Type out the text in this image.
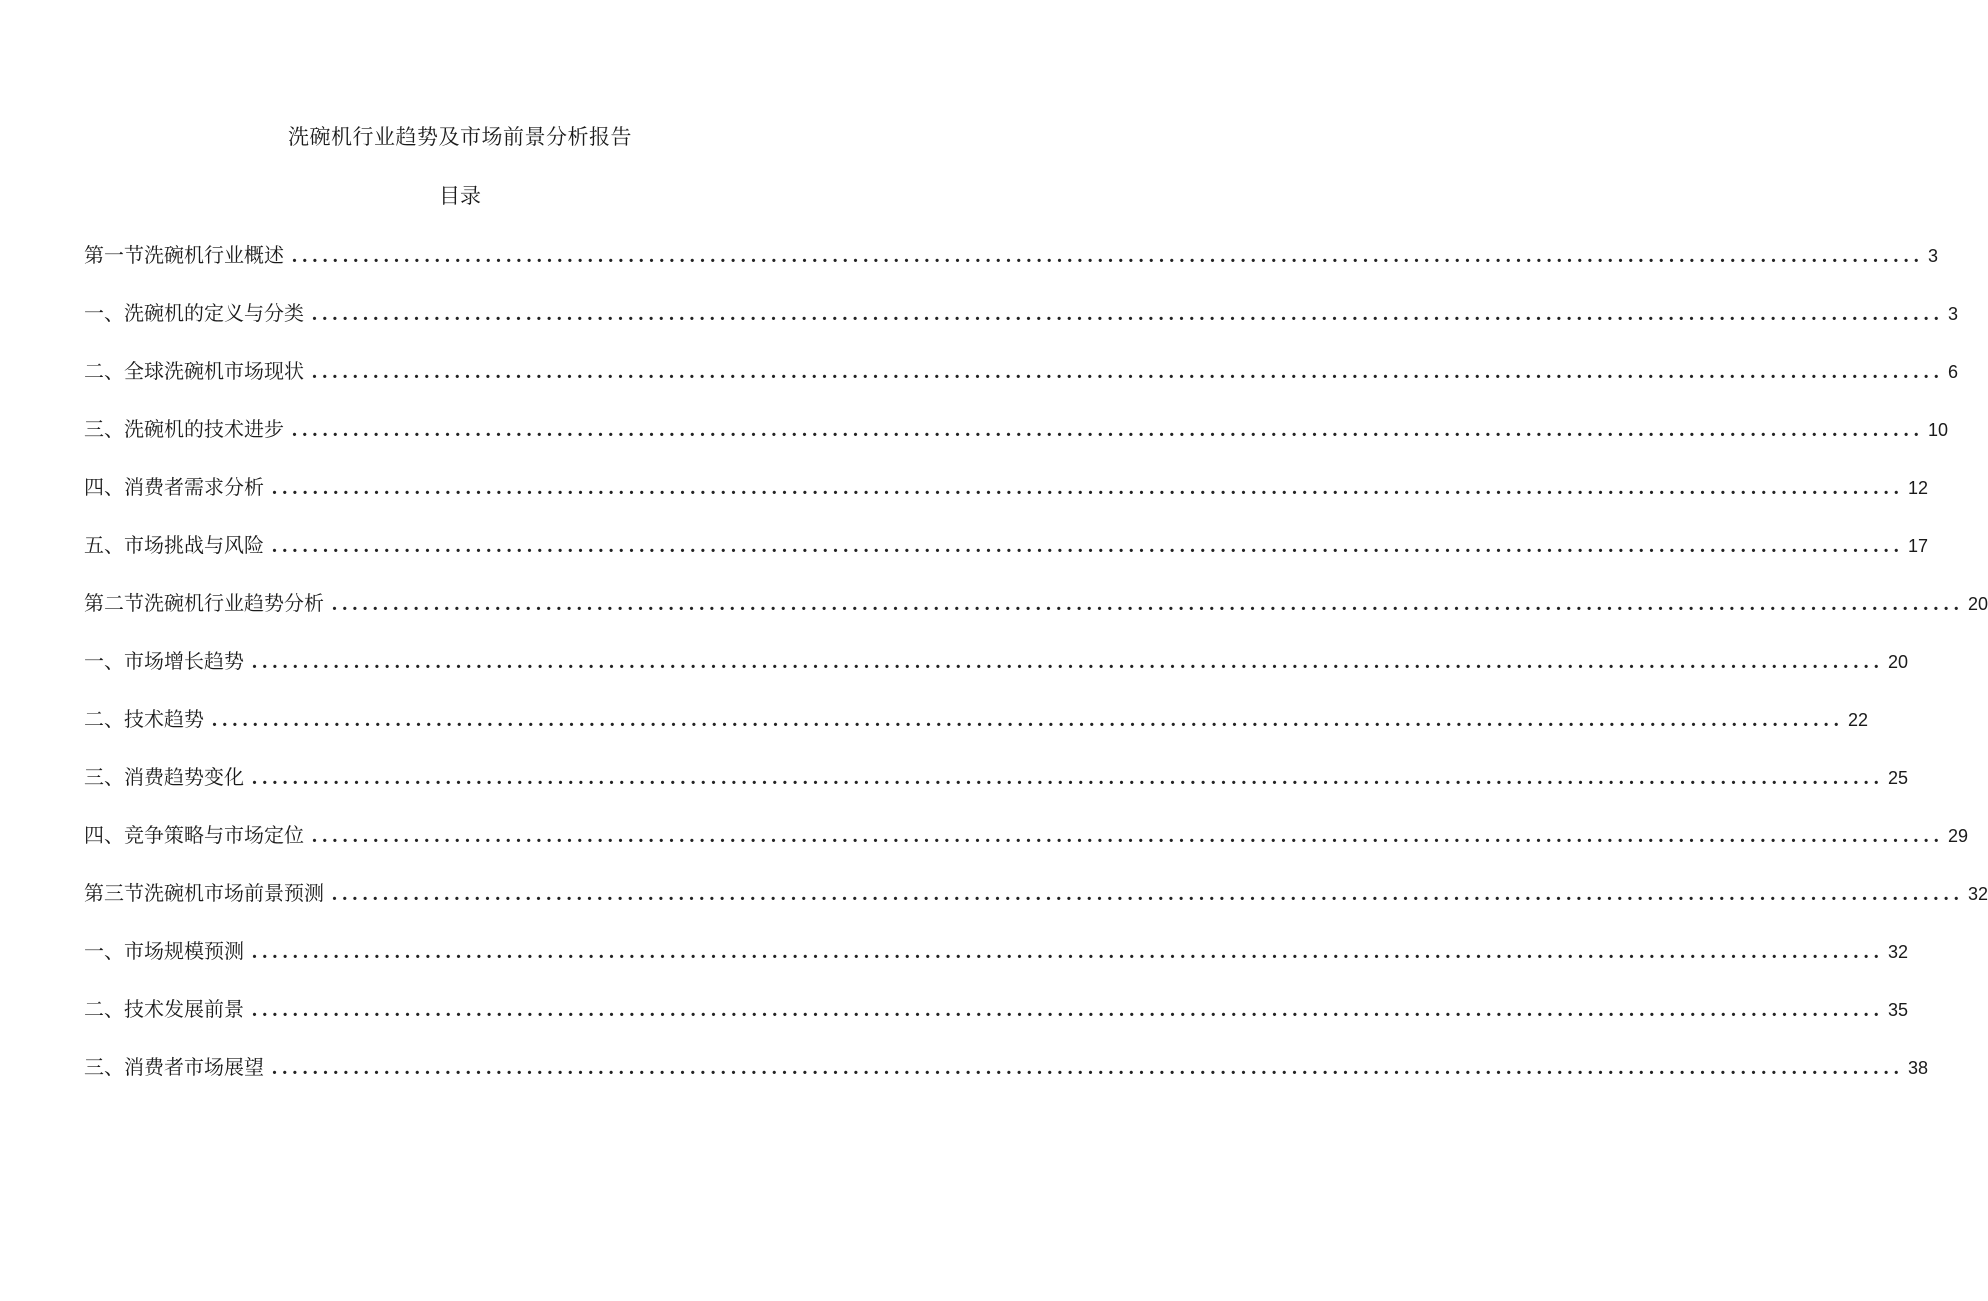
洗碗机行业趋势及市场前景分析报告
目录
第一节洗碗机行业概述 ................................................................................................................................................................ 3
一、洗碗机的定义与分类 ................................................................................................................................................................ 3
二、全球洗碗机市场现状 ................................................................................................................................................................ 6
三、洗碗机的技术进步 ................................................................................................................................................................ 10
四、消费者需求分析 ................................................................................................................................................................ 12
五、市场挑战与风险 ................................................................................................................................................................ 17
第二节洗碗机行业趋势分析 ................................................................................................................................................................ 20
一、市场增长趋势 ................................................................................................................................................................ 20
二、技术趋势 ................................................................................................................................................................ 22
三、消费趋势变化 ................................................................................................................................................................ 25
四、竞争策略与市场定位 ................................................................................................................................................................ 29
第三节洗碗机市场前景预测 ................................................................................................................................................................ 32
一、市场规模预测 ................................................................................................................................................................ 32
二、技术发展前景 ................................................................................................................................................................ 35
三、消费者市场展望 ................................................................................................................................................................ 38
